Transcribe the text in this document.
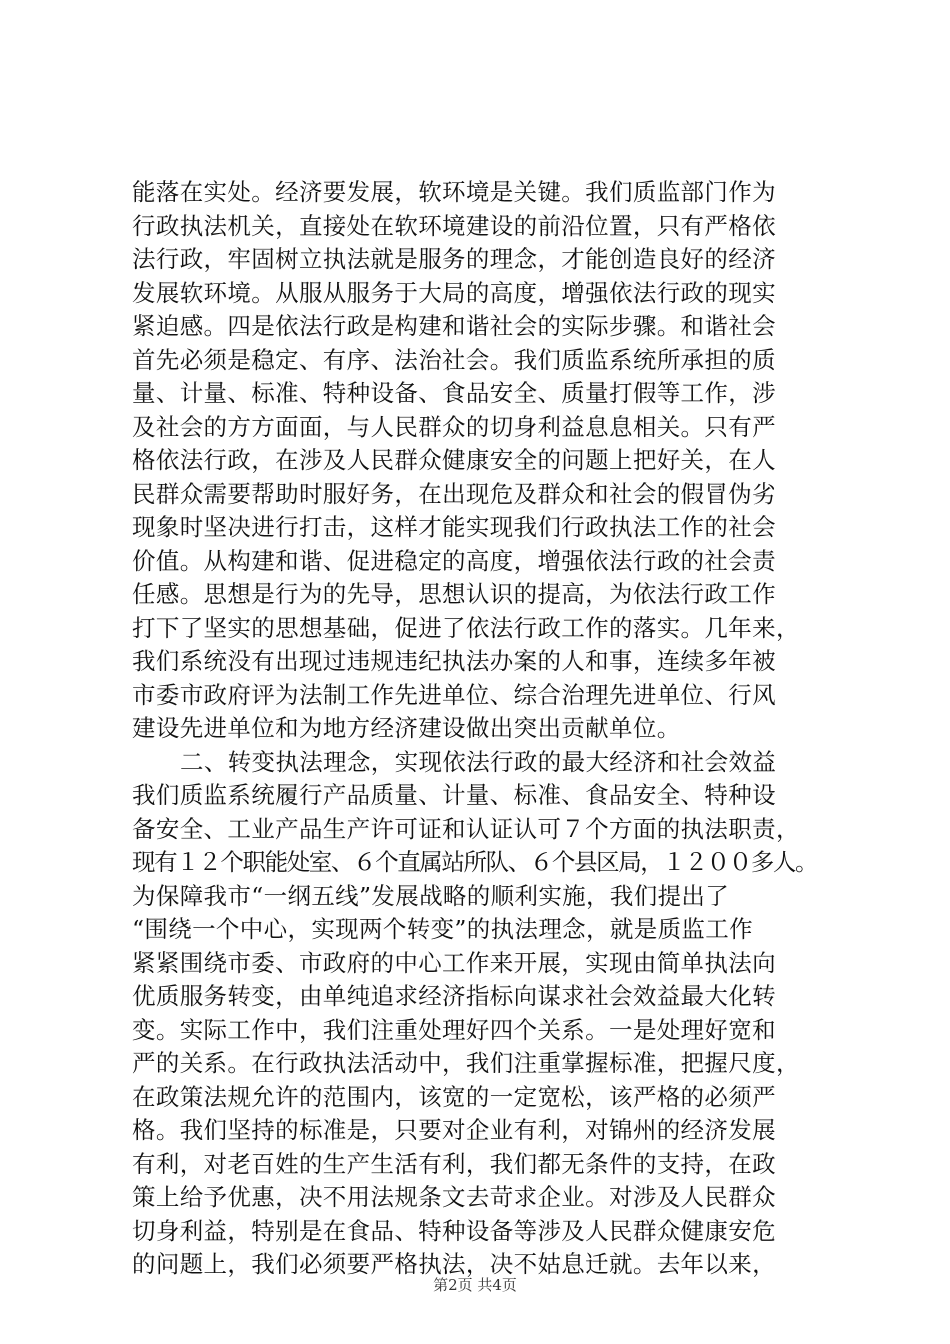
能落在实处。经济要发展，软环境是关键。我们质监部门作为
行政执法机关，直接处在软环境建设的前沿位置，只有严格依
法行政，牢固树立执法就是服务的理念，才能创造良好的经济
发展软环境。从服从服务于大局的高度，增强依法行政的现实
紧迫感。四是依法行政是构建和谐社会的实际步骤。和谐社会
首先必须是稳定、有序、法治社会。我们质监系统所承担的质
量、计量、标准、特种设备、食品安全、质量打假等工作，涉
及社会的方方面面，与人民群众的切身利益息息相关。只有严
格依法行政，在涉及人民群众健康安全的问题上把好关，在人
民群众需要帮助时服好务，在出现危及群众和社会的假冒伪劣
现象时坚决进行打击，这样才能实现我们行政执法工作的社会
价值。从构建和谐、促进稳定的高度，增强依法行政的社会责
任感。思想是行为的先导，思想认识的提高，为依法行政工作
打下了坚实的思想基础，促进了依法行政工作的落实。几年来，
我们系统没有出现过违规违纪执法办案的人和事，连续多年被
市委市政府评为法制工作先进单位、综合治理先进单位、行风
建设先进单位和为地方经济建设做出突出贡献单位。
二、转变执法理念，实现依法行政的最大经济和社会效益
我们质监系统履行产品质量、计量、标准、食品安全、特种设
备安全、工业产品生产许可证和认证认可７个方面的执法职责，
现有１２个职能处室、６个直属站所队、６个县区局，１２００多人。
为保障我市“一纲五线”发展战略的顺利实施，我们提出了
“围绕一个中心，实现两个转变”的执法理念，就是质监工作
紧紧围绕市委、市政府的中心工作来开展，实现由简单执法向
优质服务转变，由单纯追求经济指标向谋求社会效益最大化转
变。实际工作中，我们注重处理好四个关系。一是处理好宽和
严的关系。在行政执法活动中，我们注重掌握标准，把握尺度，
在政策法规允许的范围内，该宽的一定宽松，该严格的必须严
格。我们坚持的标准是，只要对企业有利，对锦州的经济发展
有利，对老百姓的生产生活有利，我们都无条件的支持，在政
策上给予优惠，决不用法规条文去苛求企业。对涉及人民群众
切身利益，特别是在食品、特种设备等涉及人民群众健康安危
的问题上，我们必须要严格执法，决不姑息迁就。去年以来，
第2页 共4页
